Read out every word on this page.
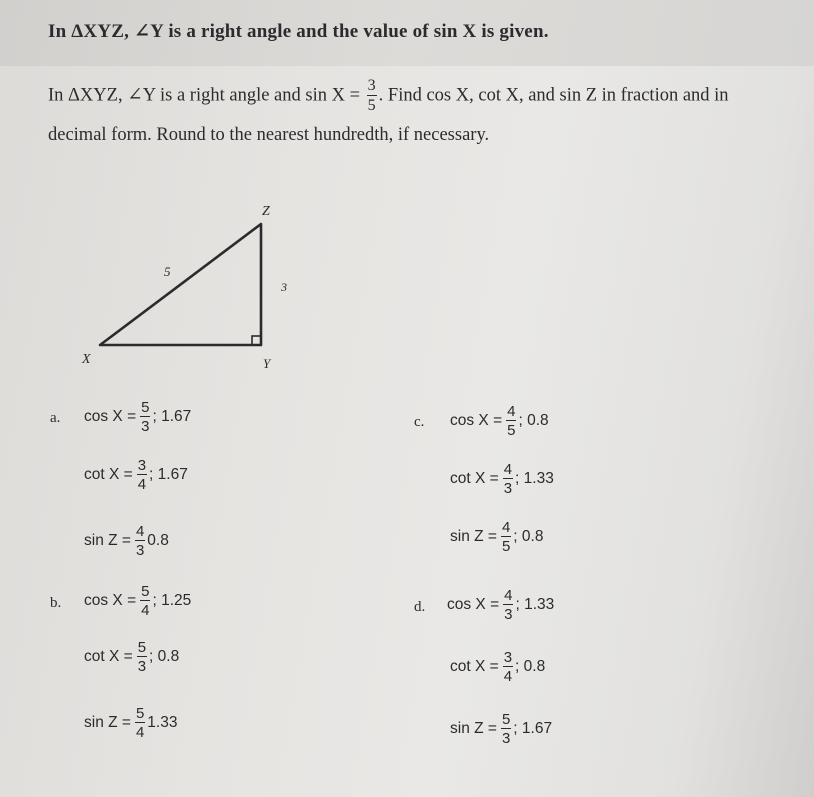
In ΔXYZ, ∠Y is a right angle and the value of sin X is given.
In ΔXYZ, ∠Y is a right angle and $\sin X = \frac{3}{5}$ . Find cos X, cot X, and sin Z in fraction and in
decimal form. Round to the nearest hundredth, if necessary.
X	Y
Z
5
3
a. $\cos X = \frac{5}{3}$ ; 1.67
$\cot X = \frac{3}{4}$ ; 1.67
$\sin Z = \frac{4}{3} 0.8$
b. $\cos X = \frac{5}{4}$ ; 1.25
$\cot X = \frac{5}{3}$ ; 0.8
$\sin Z = \frac{5}{4} 1.33$
c. $\cos X = \frac{4}{5}$ ; 0.8
$\cot X = \frac{4}{3}$ ; 1.33
$\sin Z = \frac{4}{5}$ ; 0.8
d. $\cos X = \frac{4}{3}$ ; 1.33
$\cot X = \frac{3}{4}$ ; 0.8
$\sin Z = \frac{5}{3}$ ; 1.67
